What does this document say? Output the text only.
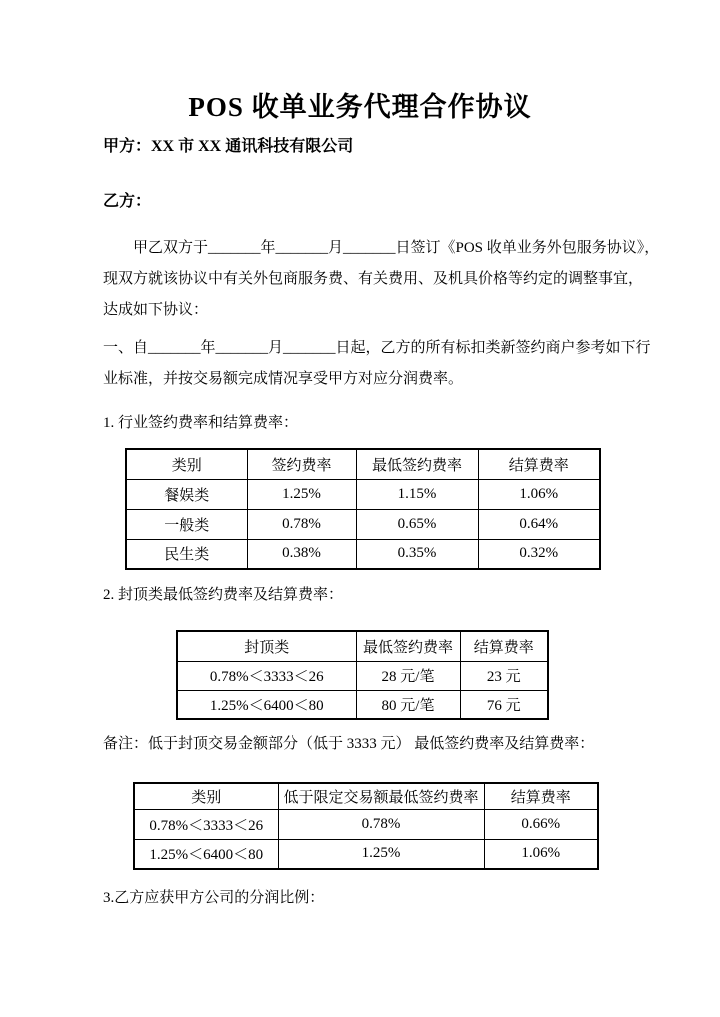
POS 收单业务代理合作协议
甲方：XX 市 XX 通讯科技有限公司
乙方：
甲乙双方于_______年_______月_______日签订《POS 收单业务外包服务协议》，
现双方就该协议中有关外包商服务费、有关费用、及机具价格等约定的调整事宜，
达成如下协议：
一、自_______年_______月_______日起，乙方的所有标扣类新签约商户参考如下行
业标准，并按交易额完成情况享受甲方对应分润费率。
1. 行业签约费率和结算费率：
类别	签约费率	最低签约费率	结算费率
餐娱类	1.25%	1.15%	1.06%
一般类	0.78%	0.65%	0.64%
民生类	0.38%	0.35%	0.32%
2. 封顶类最低签约费率及结算费率：
封顶类	最低签约费率	结算费率
0.78%＜3333＜26	28 元/笔	23 元
1.25%＜6400＜80	80 元/笔	76 元
备注：低于封顶交易金额部分（低于 3333 元） 最低签约费率及结算费率：
类别	低于限定交易额最低签约费率	结算费率
0.78%＜3333＜26	0.78%	0.66%
1.25%＜6400＜80	1.25%	1.06%
3.乙方应获甲方公司的分润比例：
